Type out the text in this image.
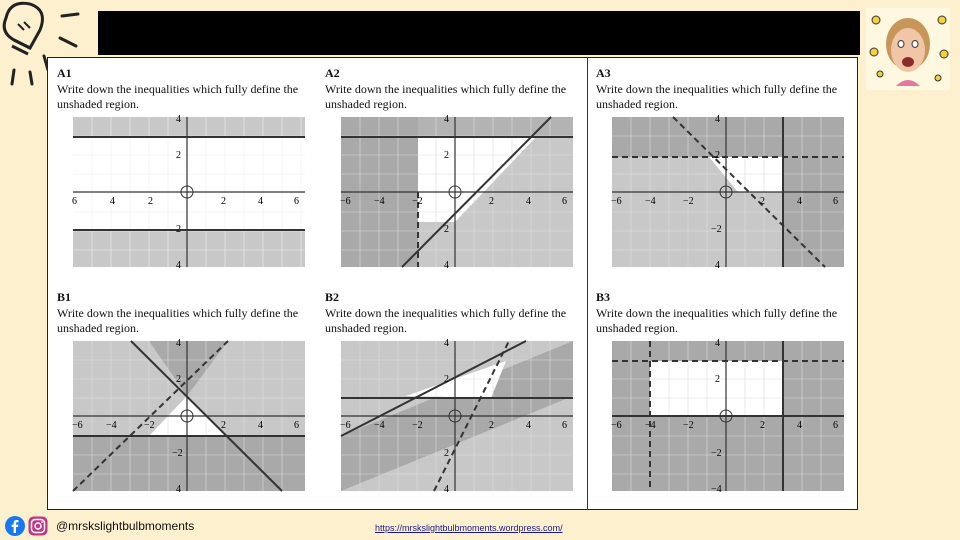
A1
Write down the inequalities which fully define the unshaded region.
6	4	2	2	4	6
4
2
2
4
A2
Write down the inequalities which fully define the unshaded region.
−6 −4	−2	2	4	6
4
2
2
4
A3
Write down the inequalities which fully define the unshaded region.
−6 −4	−2	2	4	6
4
2
−2
4
B1
Write down the inequalities which fully define the unshaded region.
−6 −4	−2	2	4	6
4
2
−2
4
B2
Write down the inequalities which fully define the unshaded region.
−6 −4	−2	2	4	6
4
2
2
4
B3
Write down the inequalities which fully define the unshaded region.
−6 −4	−2	2	4	6
4
2
−2
−4
@mrskslightbulbmoments	https://mrskslightbulbmoments.wordpress.com/
